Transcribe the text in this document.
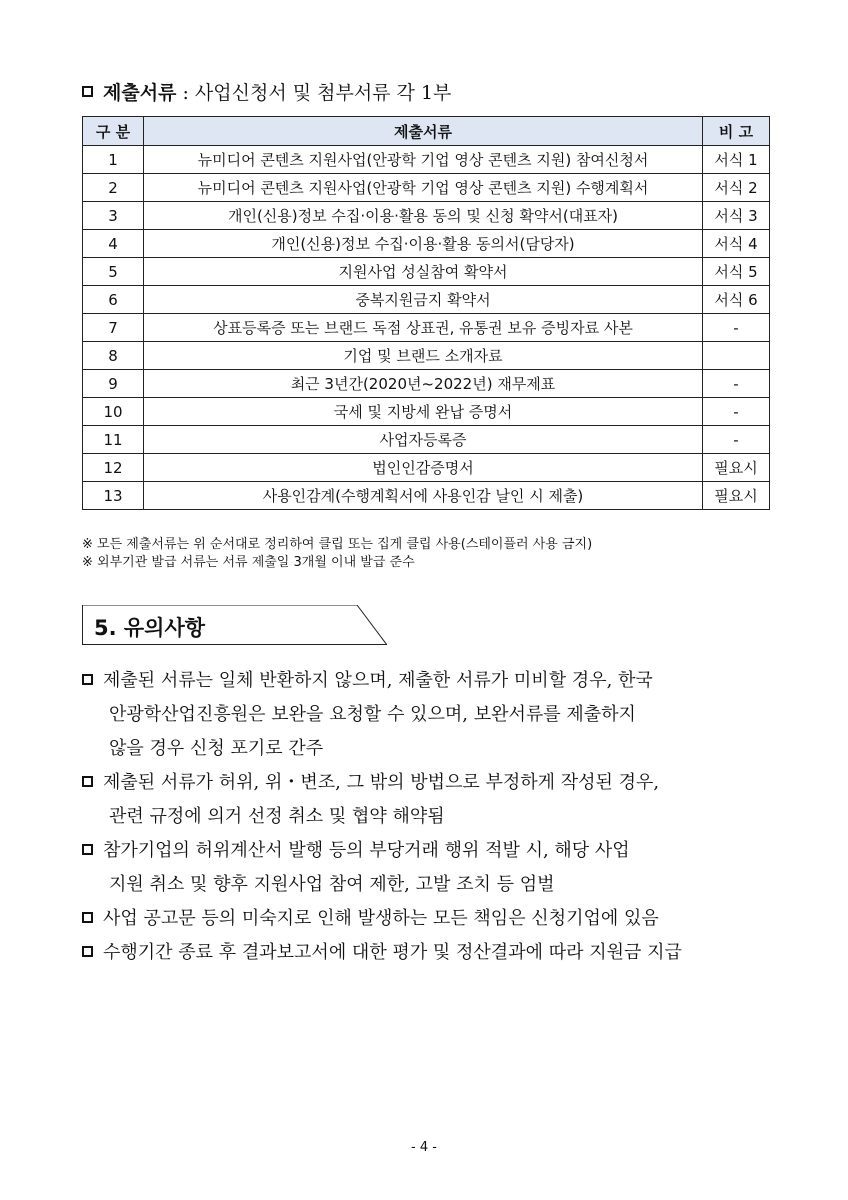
제출서류 : 사업신청서 및 첨부서류 각 1부
구 분	제출서류	비 고
1	뉴미디어 콘텐츠 지원사업(안광학 기업 영상 콘텐츠 지원) 참여신청서	서식 1
2	뉴미디어 콘텐츠 지원사업(안광학 기업 영상 콘텐츠 지원) 수행계획서	서식 2
3	개인(신용)정보 수집·이용·활용 동의 및 신청 확약서(대표자)	서식 3
4	개인(신용)정보 수집·이용·활용 동의서(담당자)	서식 4
5	지원사업 성실참여 확약서	서식 5
6	중복지원금지 확약서	서식 6
7	상표등록증 또는 브랜드 독점 상표권, 유통권 보유 증빙자료 사본	-
8	기업 및 브랜드 소개자료	
9	최근 3년간(2020년~2022년) 재무제표	-
10	국세 및 지방세 완납 증명서	-
11	사업자등록증	-
12	법인인감증명서	필요시
13	사용인감계(수행계획서에 사용인감 날인 시 제출)	필요시
※ 모든 제출서류는 위 순서대로 정리하여 클립 또는 집게 클립 사용(스테이플러 사용 금지)
※ 외부기관 발급 서류는 서류 제출일 3개월 이내 발급 준수
5. 유의사항
제출된 서류는 일체 반환하지 않으며, 제출한 서류가 미비할 경우, 한국
안광학산업진흥원은 보완을 요청할 수 있으며, 보완서류를 제출하지
않을 경우 신청 포기로 간주
제출된 서류가 허위, 위・변조, 그 밖의 방법으로 부정하게 작성된 경우,
관련 규정에 의거 선정 취소 및 협약 해약됨
참가기업의 허위계산서 발행 등의 부당거래 행위 적발 시, 해당 사업
지원 취소 및 향후 지원사업 참여 제한, 고발 조치 등 엄벌
사업 공고문 등의 미숙지로 인해 발생하는 모든 책임은 신청기업에 있음
수행기간 종료 후 결과보고서에 대한 평가 및 정산결과에 따라 지원금 지급
- 4 -
